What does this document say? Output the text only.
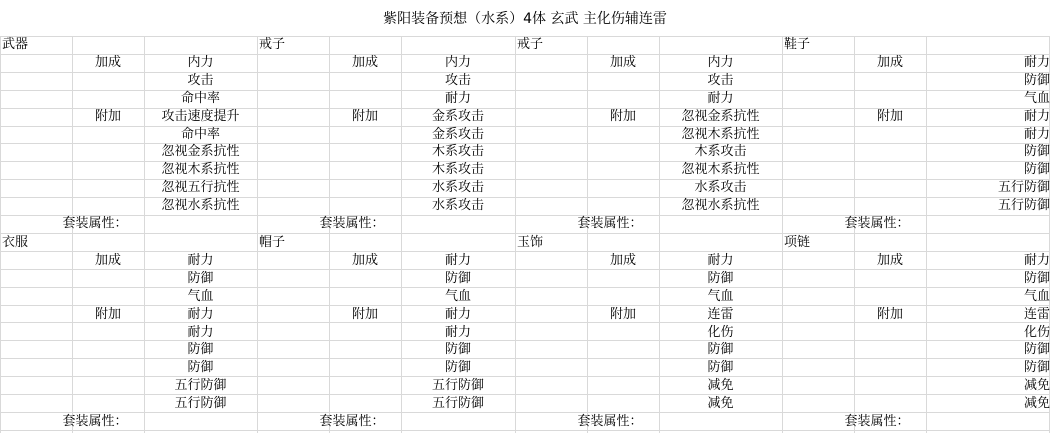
紫阳装备预想（水系）4体 玄武 主化伤辅连雷
武器
加成	内力
攻击
命中率
附加	攻击速度提升
命中率
忽视金系抗性
忽视木系抗性
忽视五行抗性
忽视水系抗性
套装属性：
戒子
加成	内力
攻击
耐力
附加	金系攻击
金系攻击
木系攻击
木系攻击
水系攻击
水系攻击
套装属性：
戒子
加成	内力
攻击
耐力
附加	忽视金系抗性
忽视木系抗性
木系攻击
忽视木系抗性
水系攻击
忽视水系抗性
套装属性：
鞋子
加成	耐力
防御
气血
附加	耐力
耐力
防御
防御
五行防御
五行防御
套装属性：
衣服
加成	耐力
防御
气血
附加	耐力
耐力
防御
防御
五行防御
五行防御
套装属性：
帽子
加成	耐力
防御
气血
附加	耐力
耐力
防御
防御
五行防御
五行防御
套装属性：
玉饰
加成	耐力
防御
气血
附加	连雷
化伤
防御
防御
减免
减免
套装属性：
项链
加成	耐力
防御
气血
附加	连雷
化伤
防御
防御
减免
减免
套装属性：
